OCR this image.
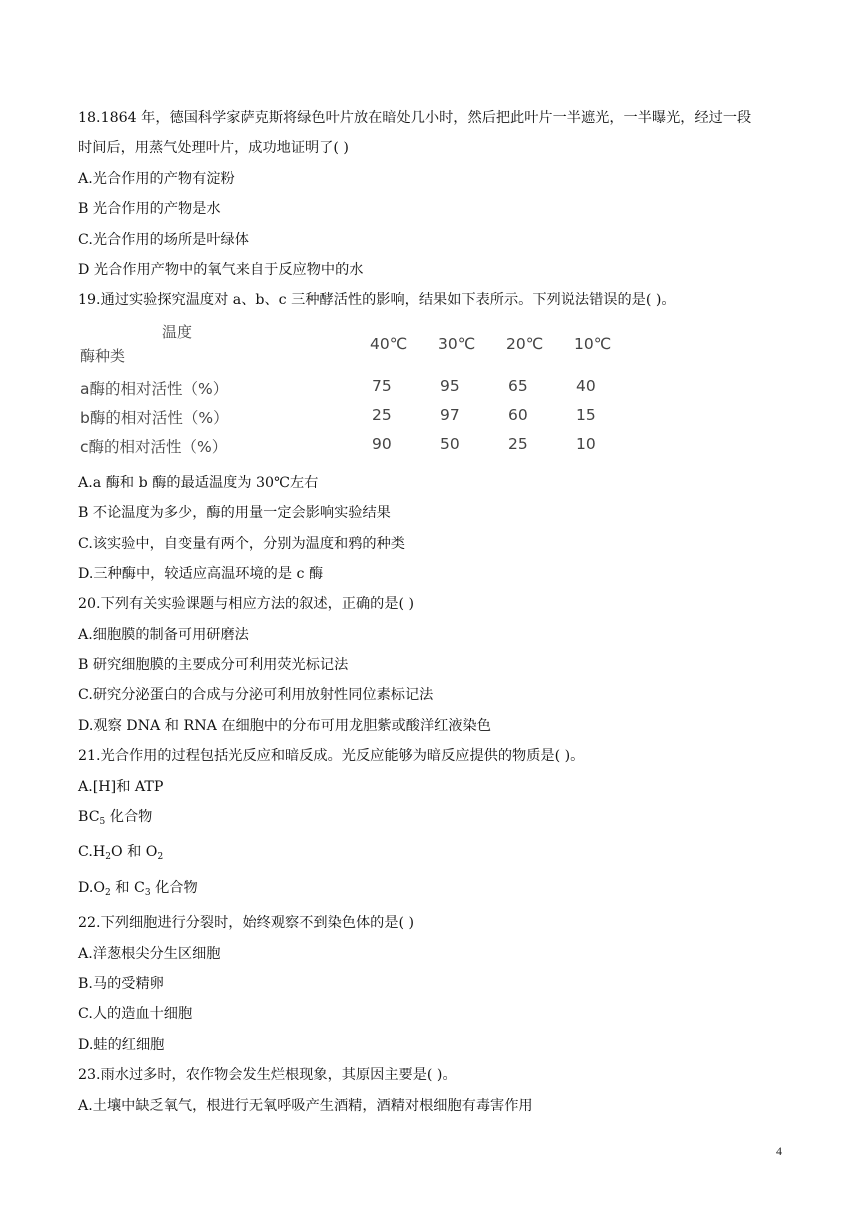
18.1864 年，德国科学家萨克斯将绿色叶片放在暗处几小时，然后把此叶片一半遮光，一半曝光，经过一段
时间后，用蒸气处理叶片，成功地证明了( )
A.光合作用的产物有淀粉
B 光合作用的产物是水
C.光合作用的场所是叶绿体
D 光合作用产物中的氧气来自于反应物中的水
19.通过实验探究温度对 a、b、c 三种酵活性的影响，结果如下表所示。下列说法错误的是( )。
温度
酶种类
40℃ 30℃ 20℃ 10℃
a酶的相对活性（%）	75	95	65	40
b酶的相对活性（%）	25	97	60	15
c酶的相对活性（%）	90	50	25	10
A.a 酶和 b 酶的最适温度为 30℃左右
B 不论温度为多少，酶的用量一定会影响实验结果
C.该实验中，自变量有两个，分别为温度和鸦的种类
D.三种酶中，较适应高温环境的是 c 酶
20.下列有关实验课题与相应方法的叙述，正确的是( )
A.细胞膜的制备可用研磨法
B 研究细胞膜的主要成分可利用荧光标记法
C.研究分泌蛋白的合成与分泌可利用放射性同位素标记法
D.观察 DNA 和 RNA 在细胞中的分布可用龙胆紫或酸洋红液染色
21.光合作用的过程包括光反应和暗反成。光反应能够为暗反应提供的物质是( )。
A.[H]和 ATP
$BC_5$ 化合物
$C.H_2O$ 和 $O_2$
$D.O_2$ 和 $C_3$ 化合物
22.下列细胞进行分裂时，始终观察不到染色体的是( )
A.洋葱根尖分生区细胞
B.马的受精卵
C.人的造血十细胞
D.蛙的红细胞
23.雨水过多时，农作物会发生烂根现象，其原因主要是( )。
A.土壤中缺乏氧气，根进行无氧呼吸产生酒精，酒精对根细胞有毒害作用
4
